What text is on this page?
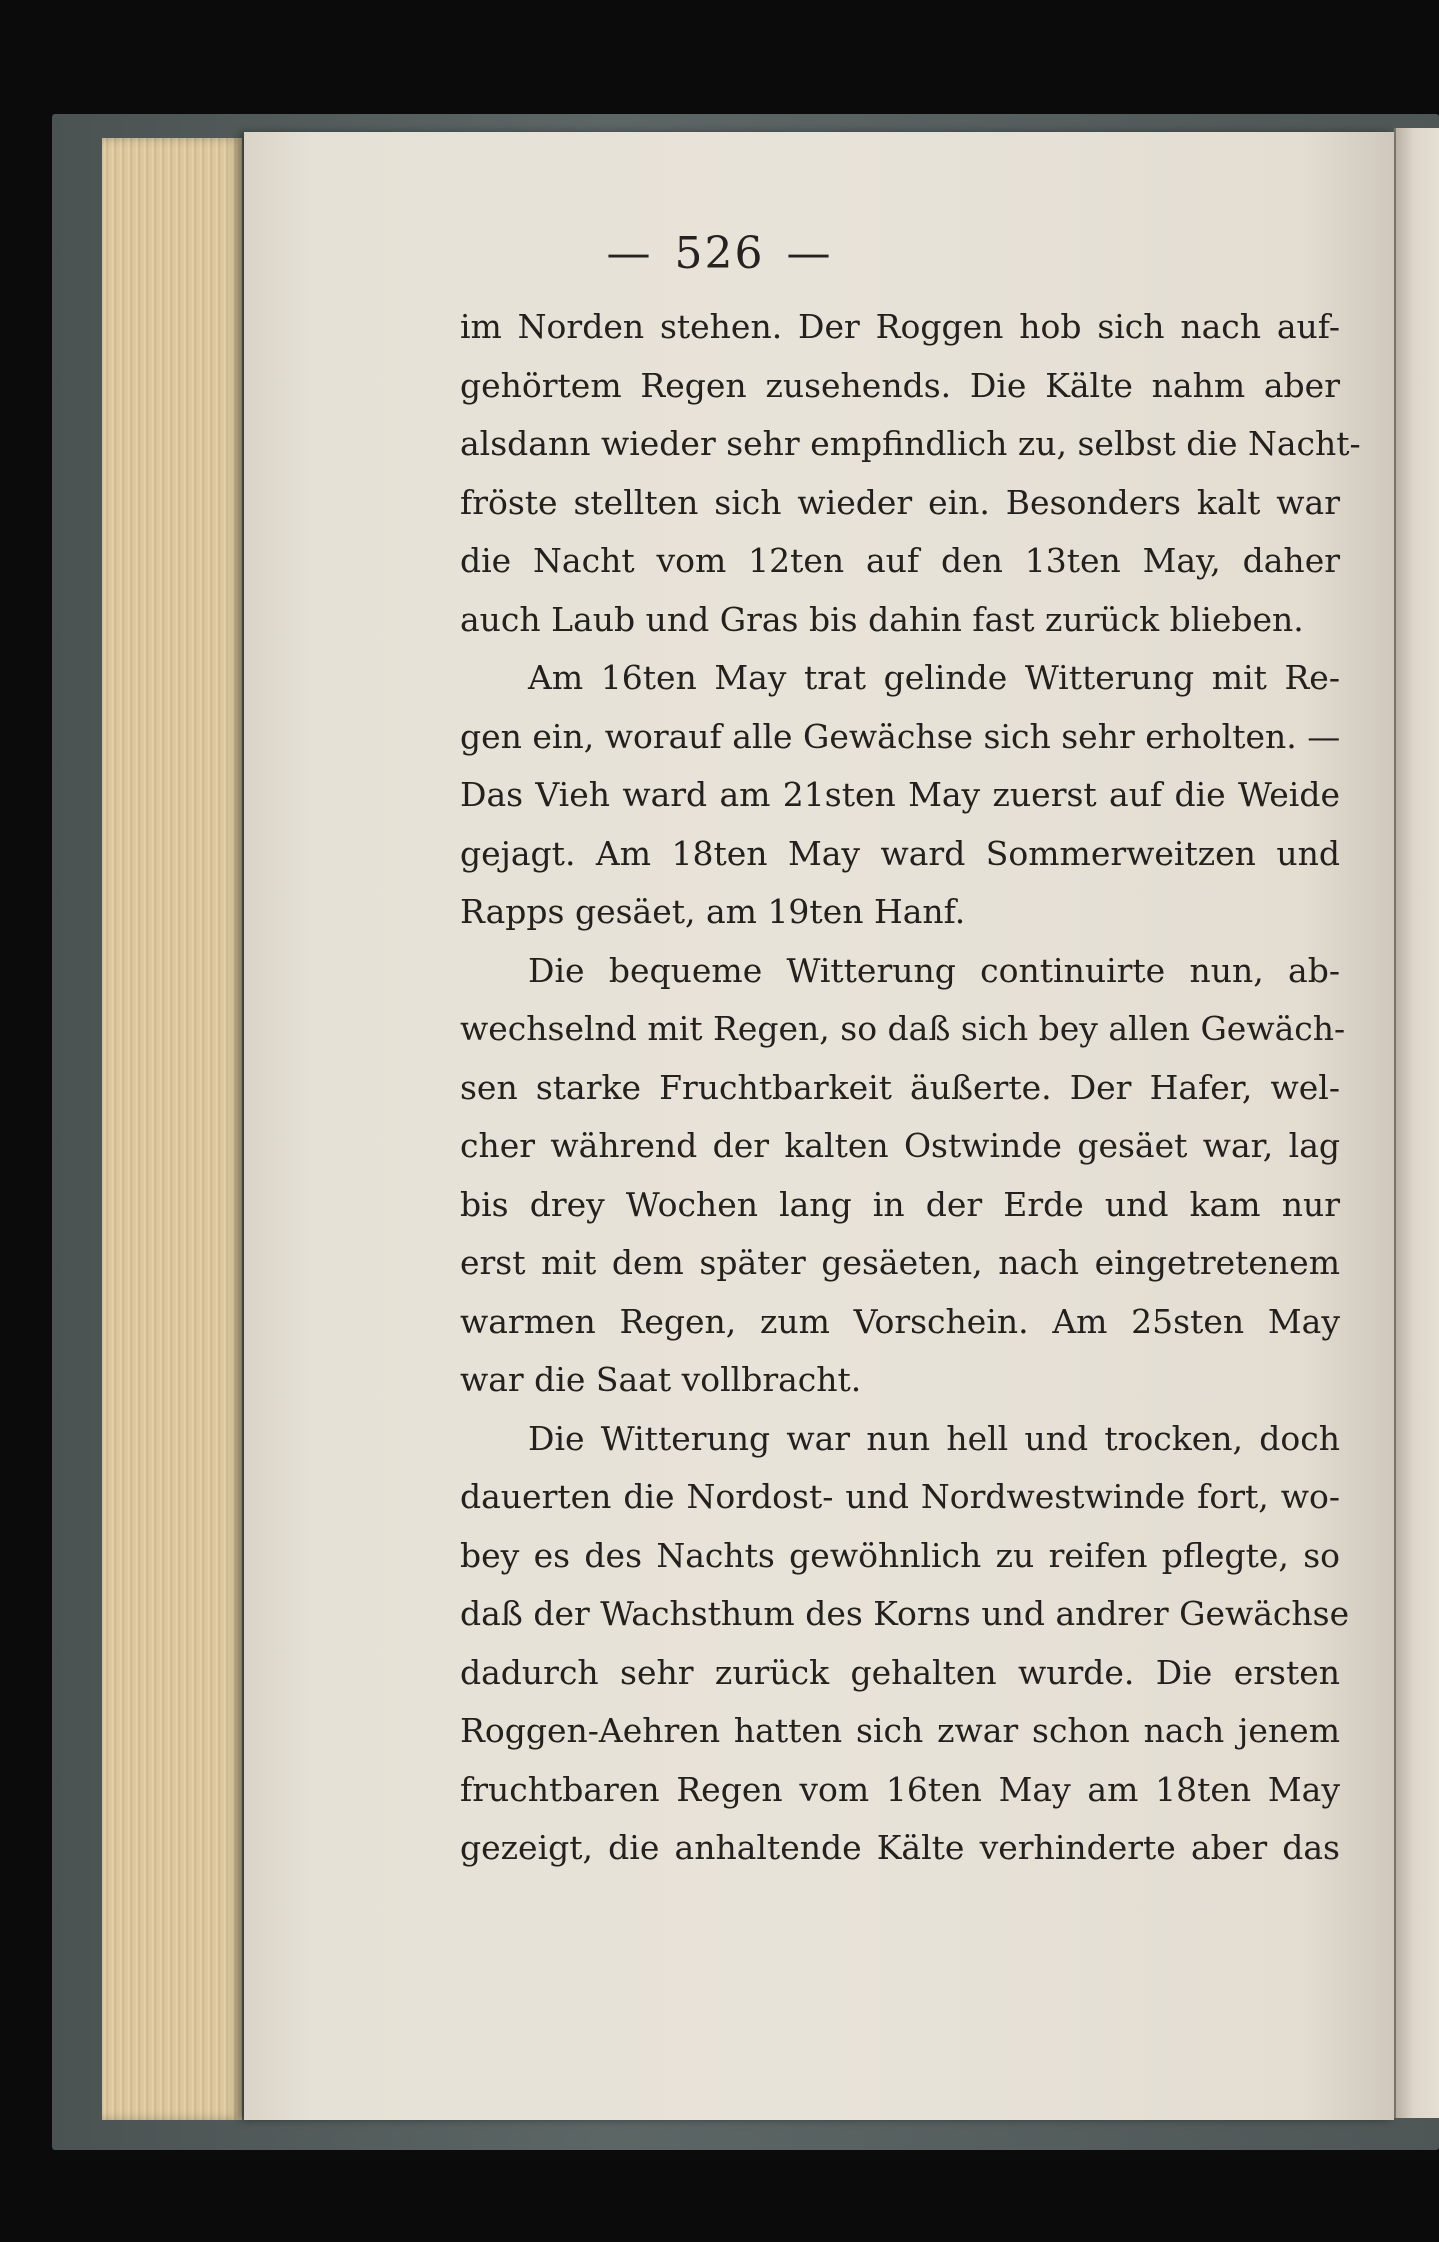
— 526 —
im Norden stehen. Der Roggen hob sich nach auf-
gehörtem Regen zusehends. Die Kälte nahm aber
alsdann wieder sehr empfindlich zu, selbst die Nacht-
fröste stellten sich wieder ein. Besonders kalt war
die Nacht vom 12ten auf den 13ten May, daher
auch Laub und Gras bis dahin fast zurück blieben.
Am 16ten May trat gelinde Witterung mit Re-
gen ein, worauf alle Gewächse sich sehr erholten. —
Das Vieh ward am 21sten May zuerst auf die Weide
gejagt. Am 18ten May ward Sommerweitzen und
Rapps gesäet, am 19ten Hanf.
Die bequeme Witterung continuirte nun, ab-
wechselnd mit Regen, so daß sich bey allen Gewäch-
sen starke Fruchtbarkeit äußerte. Der Hafer, wel-
cher während der kalten Ostwinde gesäet war, lag
bis drey Wochen lang in der Erde und kam nur
erst mit dem später gesäeten, nach eingetretenem
warmen Regen, zum Vorschein. Am 25sten May
war die Saat vollbracht.
Die Witterung war nun hell und trocken, doch
dauerten die Nordost- und Nordwestwinde fort, wo-
bey es des Nachts gewöhnlich zu reifen pflegte, so
daß der Wachsthum des Korns und andrer Gewächse
dadurch sehr zurück gehalten wurde. Die ersten
Roggen-Aehren hatten sich zwar schon nach jenem
fruchtbaren Regen vom 16ten May am 18ten May
gezeigt, die anhaltende Kälte verhinderte aber das
